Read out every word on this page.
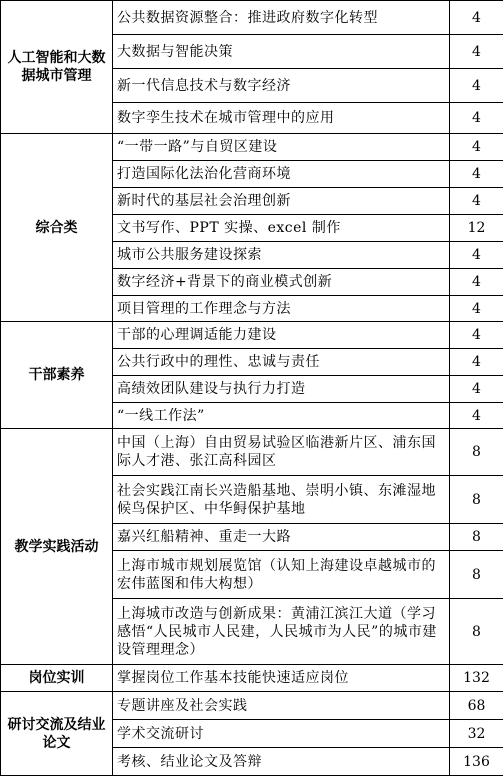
人工智能和大数据城市管理	公共数据资源整合：推进政府数字化转型	4
	大数据与智能决策	4
	新一代信息技术与数字经济	4
	数字孪生技术在城市管理中的应用	4
综合类	“一带一路”与自贸区建设	4
	打造国际化法治化营商环境	4
	新时代的基层社会治理创新	4
	文书写作、PPT 实操、excel 制作	12
	城市公共服务建设探索	4
	数字经济+背景下的商业模式创新	4
	项目管理的工作理念与方法	4
干部素养	干部的心理调适能力建设	4
	公共行政中的理性、忠诚与责任	4
	高绩效团队建设与执行力打造	4
	“一线工作法”	4
教学实践活动	中国（上海）自由贸易试验区临港新片区、浦东国际人才港、张江高科园区	8
	社会实践江南长兴造船基地、崇明小镇、东滩湿地候鸟保护区、中华鲟保护基地	8
	嘉兴红船精神、重走一大路	8
	上海市城市规划展览馆（认知上海建设卓越城市的宏伟蓝图和伟大构想）	8
	上海城市改造与创新成果：黄浦江滨江大道（学习感悟“人民城市人民建，人民城市为人民”的城市建设管理理念）	8
岗位实训	掌握岗位工作基本技能快速适应岗位	132
研讨交流及结业论文	专题讲座及社会实践	68
	学术交流研讨	32
	考核、结业论文及答辩	136
